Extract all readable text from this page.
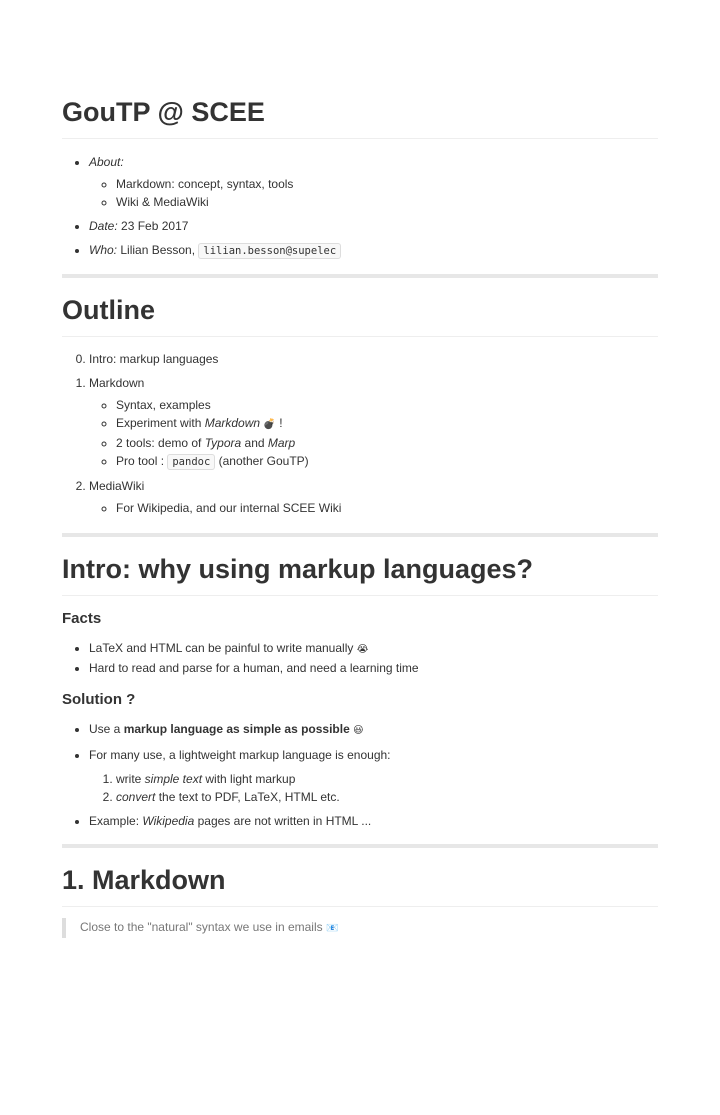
GouTP @ SCEE
• About:
◦ Markdown: concept, syntax, tools
◦ Wiki & MediaWiki
• Date: 23 Feb 2017
• Who: Lilian Besson, lilian.besson@supelec
Outline
0. Intro: markup languages
1. Markdown
◦ Syntax, examples
◦ Experiment with Markdown 💣 !
◦ 2 tools: demo of Typora and Marp
◦ Pro tool : pandoc (another GouTP)
2. MediaWiki
◦ For Wikipedia, and our internal SCEE Wiki
Intro: why using markup languages?
Facts
• LaTeX and HTML can be painful to write manually 😭
• Hard to read and parse for a human, and need a learning time
Solution ?
• Use a markup language as simple as possible 😃
• For many use, a lightweight markup language is enough:
1. write simple text with light markup
2. convert the text to PDF, LaTeX, HTML etc.
• Example: Wikipedia pages are not written in HTML ...
1. Markdown
Close to the "natural" syntax we use in emails 📧
